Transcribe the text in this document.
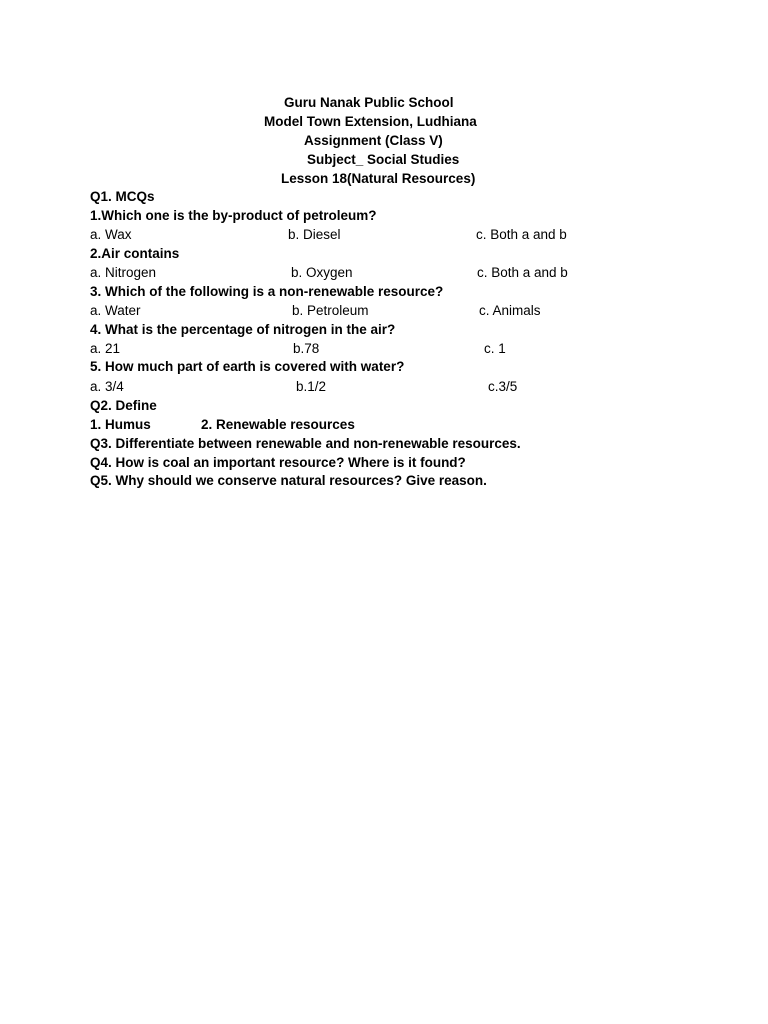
Guru Nanak Public School
Model Town Extension, Ludhiana
Assignment (Class V)
Subject_ Social Studies
Lesson 18(Natural Resources)
Q1. MCQs
1.Which one is the by-product of petroleum?
a. Wax	b. Diesel	c. Both a and b
2.Air contains
a. Nitrogen	b. Oxygen	c. Both a and b
3. Which of the following is a non-renewable resource?
a. Water	b. Petroleum	c. Animals
4. What is the percentage of nitrogen in the air?
a. 21	b.78	c. 1
5. How much part of earth is covered with water?
a. 3/4	b.1/2	c.3/5
Q2. Define
1. Humus	2. Renewable resources
Q3. Differentiate between renewable and non-renewable resources.
Q4. How is coal an important resource? Where is it found?
Q5. Why should we conserve natural resources? Give reason.
